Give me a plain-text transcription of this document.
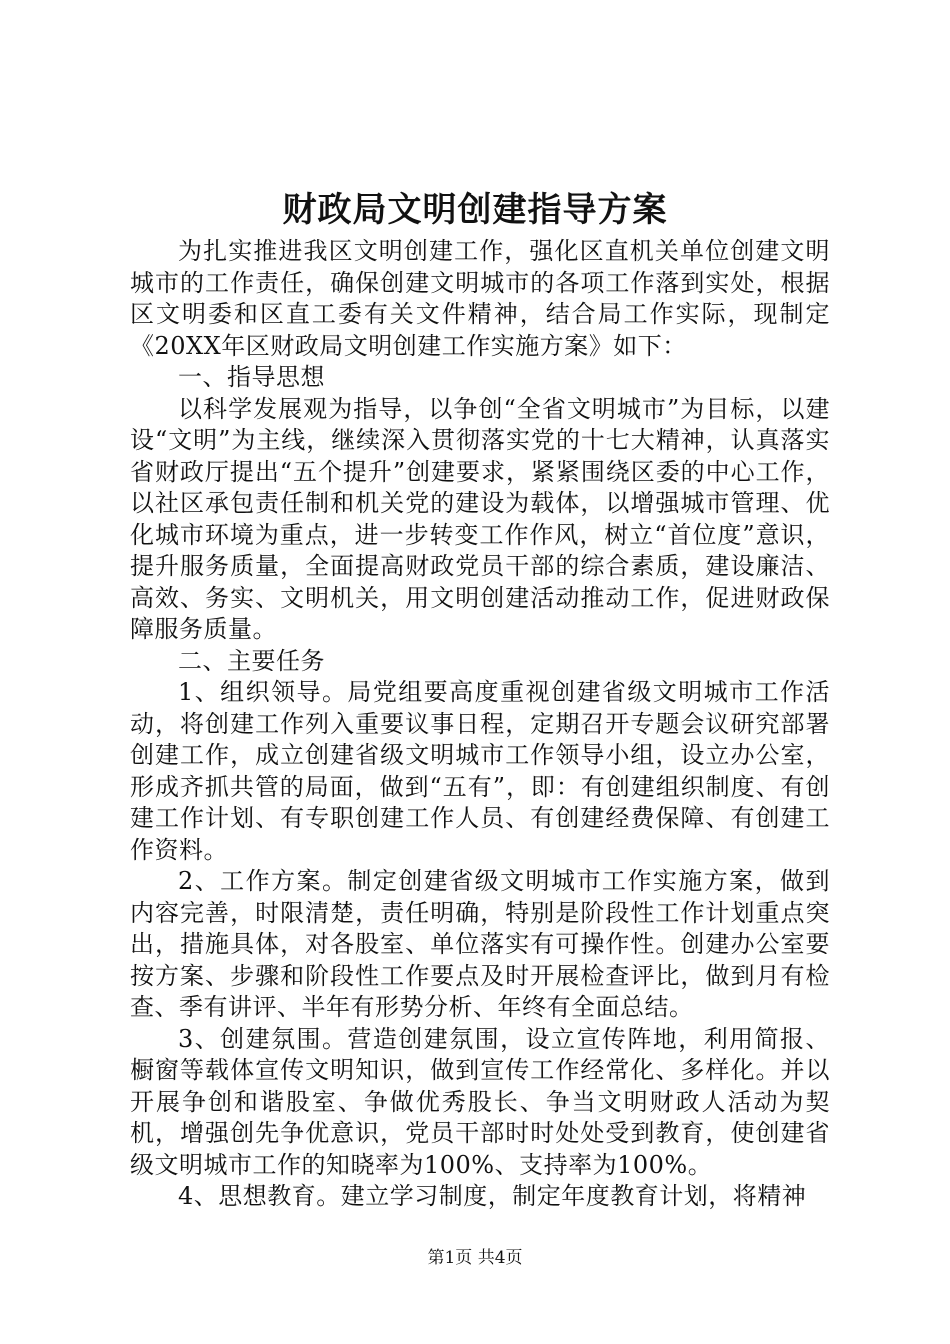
财政局文明创建指导方案

为扎实推进我区文明创建工作，强化区直机关单位创建文明城市的工作责任，确保创建文明城市的各项工作落到实处，根据区文明委和区直工委有关文件精神，结合局工作实际，现制定《20XX年区财政局文明创建工作实施方案》如下：

一、指导思想

以科学发展观为指导，以争创“全省文明城市”为目标，以建设“文明”为主线，继续深入贯彻落实党的十七大精神，认真落实省财政厅提出“五个提升”创建要求，紧紧围绕区委的中心工作，以社区承包责任制和机关党的建设为载体，以增强城市管理、优化城市环境为重点，进一步转变工作作风，树立“首位度”意识，提升服务质量，全面提高财政党员干部的综合素质，建设廉洁、高效、务实、文明机关，用文明创建活动推动工作，促进财政保障服务质量。

二、主要任务

1、组织领导。局党组要高度重视创建省级文明城市工作活动，将创建工作列入重要议事日程，定期召开专题会议研究部署创建工作，成立创建省级文明城市工作领导小组，设立办公室，形成齐抓共管的局面，做到“五有”，即：有创建组织制度、有创建工作计划、有专职创建工作人员、有创建经费保障、有创建工作资料。

2、工作方案。制定创建省级文明城市工作实施方案，做到内容完善，时限清楚，责任明确，特别是阶段性工作计划重点突出，措施具体，对各股室、单位落实有可操作性。创建办公室要按方案、步骤和阶段性工作要点及时开展检查评比，做到月有检查、季有讲评、半年有形势分析、年终有全面总结。

3、创建氛围。营造创建氛围，设立宣传阵地，利用简报、橱窗等载体宣传文明知识，做到宣传工作经常化、多样化。并以开展争创和谐股室、争做优秀股长、争当文明财政人活动为契机，增强创先争优意识，党员干部时时处处受到教育，使创建省级文明城市工作的知晓率为100%、支持率为100%。

4、思想教育。建立学习制度，制定年度教育计划，将精神

第1页 共4页
